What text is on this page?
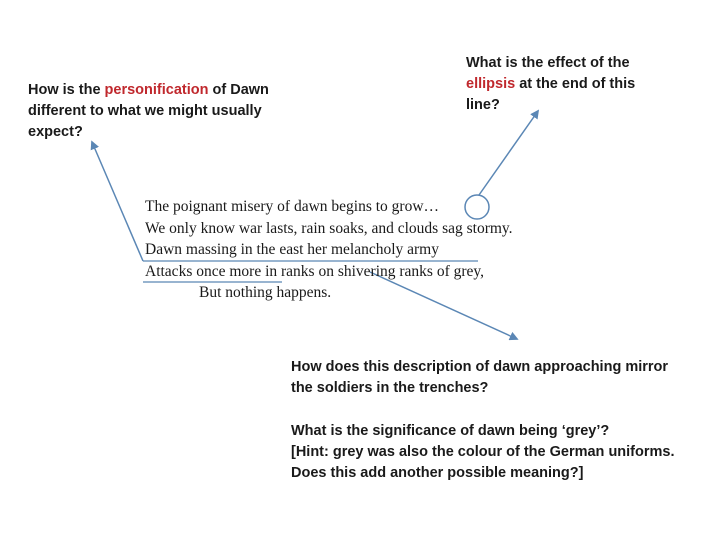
How is the personification of Dawn different to what we might usually expect?
What is the effect of the ellipsis at the end of this line?
The poignant misery of dawn begins to grow…
We only know war lasts, rain soaks, and clouds sag stormy.
Dawn massing in the east her melancholy army
Attacks once more in ranks on shivering ranks of grey,
But nothing happens.
How does this description of dawn approaching mirror the soldiers in the trenches?
What is the significance of dawn being ‘grey’?
[Hint: grey was also the colour of the German uniforms. Does this add another possible meaning?]
